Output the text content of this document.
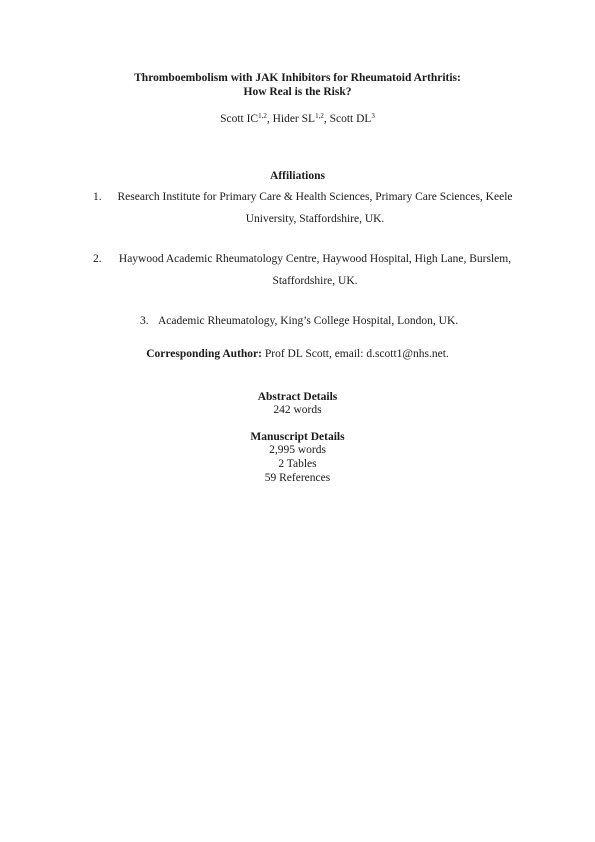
Thromboembolism with JAK Inhibitors for Rheumatoid Arthritis:
How Real is the Risk?
Scott IC$^{1,2}$, Hider SL$^{1,2}$, Scott $DL^3$
Affiliations
1.	Research Institute for Primary Care & Health Sciences, Primary Care Sciences, Keele
University, Staffordshire, UK.
2.	Haywood Academic Rheumatology Centre, Haywood Hospital, High Lane, Burslem,
Staffordshire, UK.
3. Academic Rheumatology, King’s College Hospital, London, UK.
Corresponding Author: Prof DL Scott, email: d.scott1@nhs.net.
Abstract Details
242 words
Manuscript Details
2,995 words
2 Tables
59 References
